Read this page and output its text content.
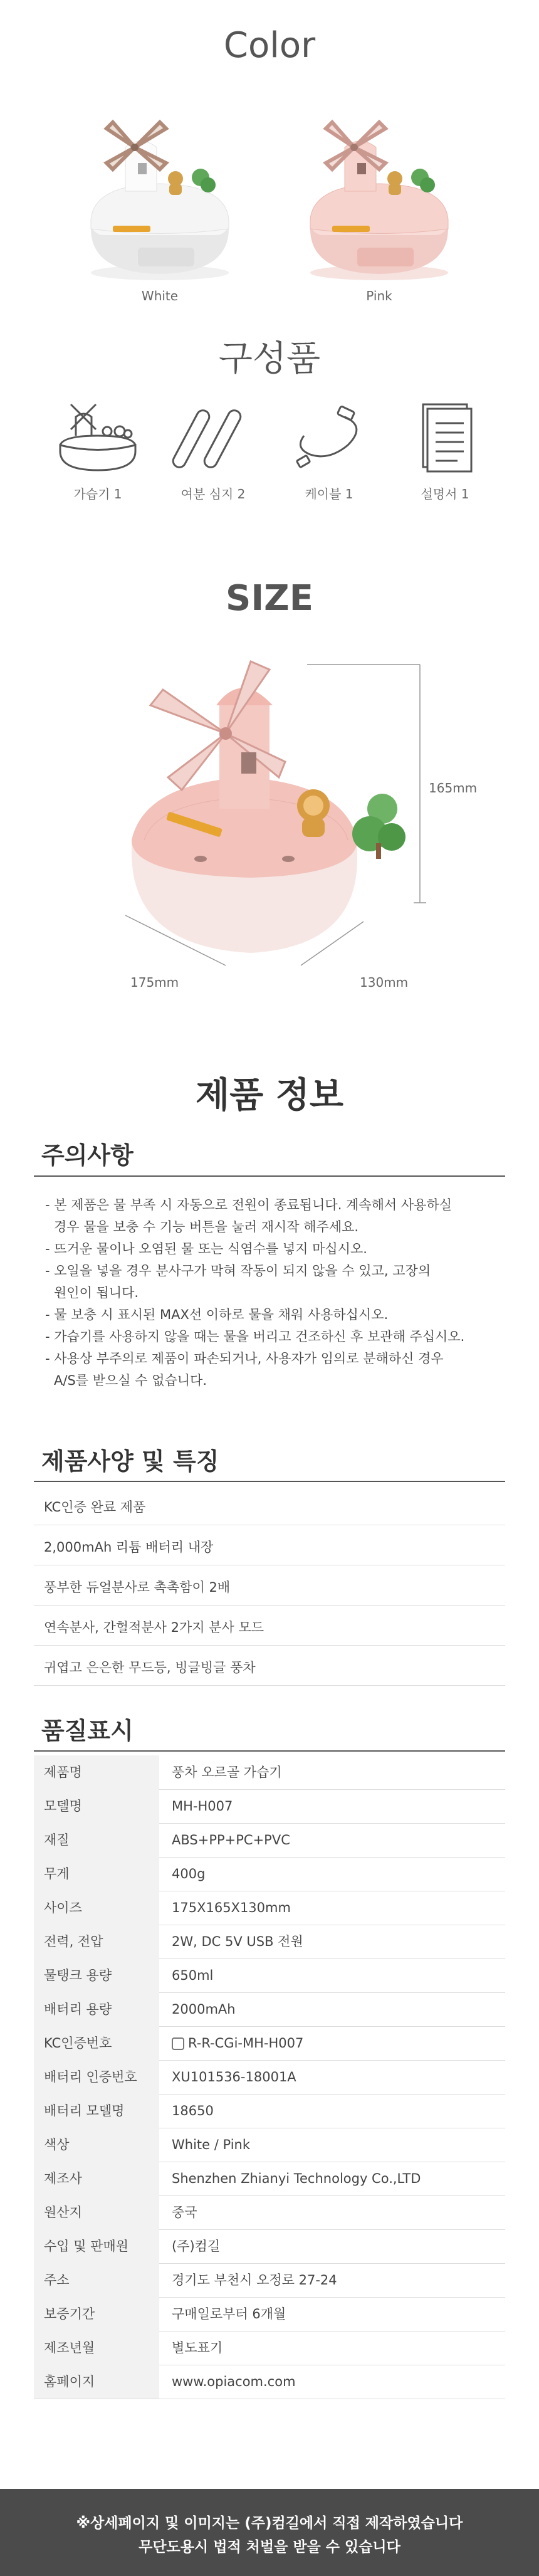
Color
White	Pink
구성품
가습기 1	여분 심지 2	케이블 1	설명서 1
SIZE
165mm
175mm	130mm
제품 정보
주의사항
- 본 제품은 물 부족 시 자동으로 전원이 종료됩니다. 계속해서 사용하실
경우 물을 보충 수 기능 버튼을 눌러 재시작 해주세요.
- 뜨거운 물이나 오염된 물 또는 식염수를 넣지 마십시오.
- 오일을 넣을 경우 분사구가 막혀 작동이 되지 않을 수 있고, 고장의
원인이 됩니다.
- 물 보충 시 표시된 MAX선 이하로 물을 채워 사용하십시오.
- 가습기를 사용하지 않을 때는 물을 버리고 건조하신 후 보관해 주십시오.
- 사용상 부주의로 제품이 파손되거나, 사용자가 임의로 분해하신 경우
A/S를 받으실 수 없습니다.
제품사양 및 특징
KC인증 완료 제품
2,000mAh 리튬 배터리 내장
풍부한 듀얼분사로 촉촉함이 2배
연속분사, 간헐적분사 2가지 분사 모드
귀엽고 은은한 무드등, 빙글빙글 풍차
품질표시
제품명	풍차 오르골 가습기
모델명	MH-H007
재질	ABS+PP+PC+PVC
무게	400g
사이즈	175X165X130mm
전력, 전압	2W, DC 5V USB 전원
물탱크 용량	650ml
배터리 용량	2000mAh
KC인증번호	R-R-CGi-MH-H007
배터리 인증번호	XU101536-18001A
배터리 모델명	18650
색상	White / Pink
제조사	Shenzhen Zhianyi Technology Co.,LTD
원산지	중국
수입 및 판매원	(주)컴길
주소	경기도 부천시 오정로 27-24
보증기간	구매일로부터 6개월
제조년월	별도표기
홈페이지	www.opiacom.com
※상세페이지 및 이미지는 (주)컴길에서 직접 제작하였습니다
무단도용시 법적 처벌을 받을 수 있습니다
